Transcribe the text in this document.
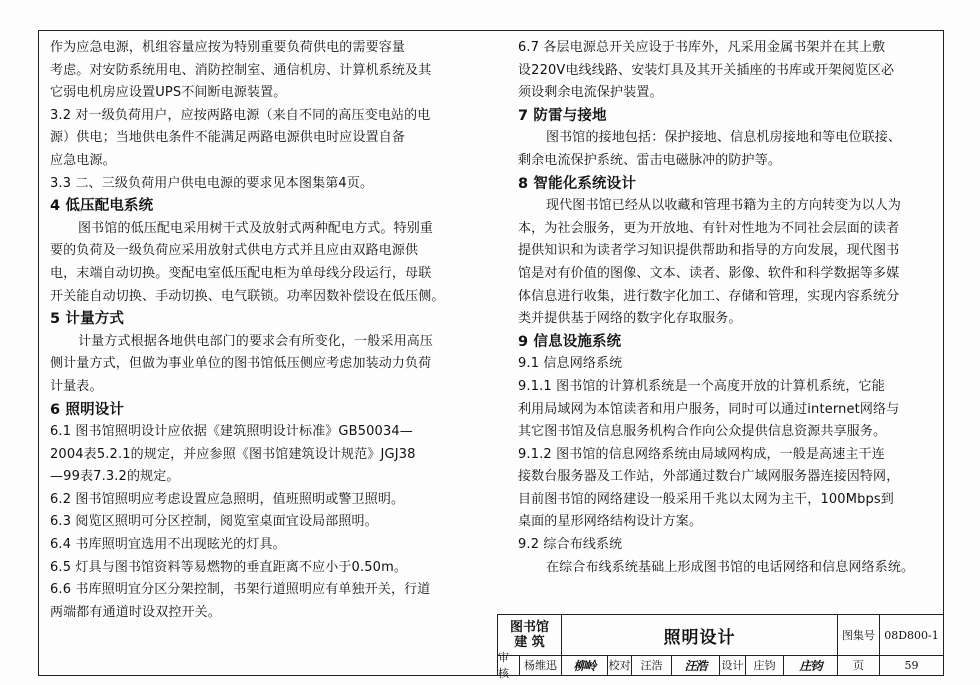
作为应急电源，机组容量应按为特别重要负荷供电的需要容量
考虑。对安防系统用电、消防控制室、通信机房、计算机系统及其
它弱电机房应设置UPS不间断电源装置。
3.2 对一级负荷用户，应按两路电源（来自不同的高压变电站的电
源）供电；当地供电条件不能满足两路电源供电时应设置自备
应急电源。
3.3 二、三级负荷用户供电电源的要求见本图集第4页。
4 低压配电系统
图书馆的低压配电采用树干式及放射式两种配电方式。特别重
要的负荷及一级负荷应采用放射式供电方式并且应由双路电源供
电，末端自动切换。变配电室低压配电柜为单母线分段运行，母联
开关能自动切换、手动切换、电气联锁。功率因数补偿设在低压侧。
5 计量方式
计量方式根据各地供电部门的要求会有所变化，一般采用高压
侧计量方式，但做为事业单位的图书馆低压侧应考虑加装动力负荷
计量表。
6 照明设计
6.1 图书馆照明设计应依据《建筑照明设计标准》GB50034—
2004表5.2.1的规定，并应参照《图书馆建筑设计规范》JGJ38
—99表7.3.2的规定。
6.2 图书馆照明应考虑设置应急照明，值班照明或警卫照明。
6.3 阅览区照明可分区控制，阅览室桌面宜设局部照明。
6.4 书库照明宜选用不出现眩光的灯具。
6.5 灯具与图书馆资料等易燃物的垂直距离不应小于0.50m。
6.6 书库照明宜分区分架控制，书架行道照明应有单独开关，行道
两端都有通道时设双控开关。
6.7 各层电源总开关应设于书库外，凡采用金属书架并在其上敷
设220V电线线路、安装灯具及其开关插座的书库或开架阅览区必
须设剩余电流保护装置。
7 防雷与接地
图书馆的接地包括：保护接地、信息机房接地和等电位联接、
剩余电流保护系统、雷击电磁脉冲的防护等。
8 智能化系统设计
现代图书馆已经从以收藏和管理书籍为主的方向转变为以人为
本，为社会服务，更为开放地、有针对性地为不同社会层面的读者
提供知识和为读者学习知识提供帮助和指导的方向发展，现代图书
馆是对有价值的图像、文本、读者、影像、软件和科学数据等多媒
体信息进行收集，进行数字化加工、存储和管理，实现内容系统分
类并提供基于网络的数字化存取服务。
9 信息设施系统
9.1 信息网络系统
9.1.1 图书馆的计算机系统是一个高度开放的计算机系统，它能
利用局域网为本馆读者和用户服务，同时可以通过internet网络与
其它图书馆及信息服务机构合作向公众提供信息资源共享服务。
9.1.2 图书馆的信息网络系统由局域网构成，一般是高速主干连
接数台服务器及工作站，外部通过数台广域网服务器连接因特网，
目前图书馆的网络建设一般采用千兆以太网为主干，100Mbps到
桌面的星形网络结构设计方案。
9.2 综合布线系统
在综合布线系统基础上形成图书馆的电话网络和信息网络系统。
图书馆
建 筑	照明设计	图集号 08D800-1
审核
杨维迅	柳岭	校对 汪浩	汪浩	设计 庄钧	庄钧	页	59
